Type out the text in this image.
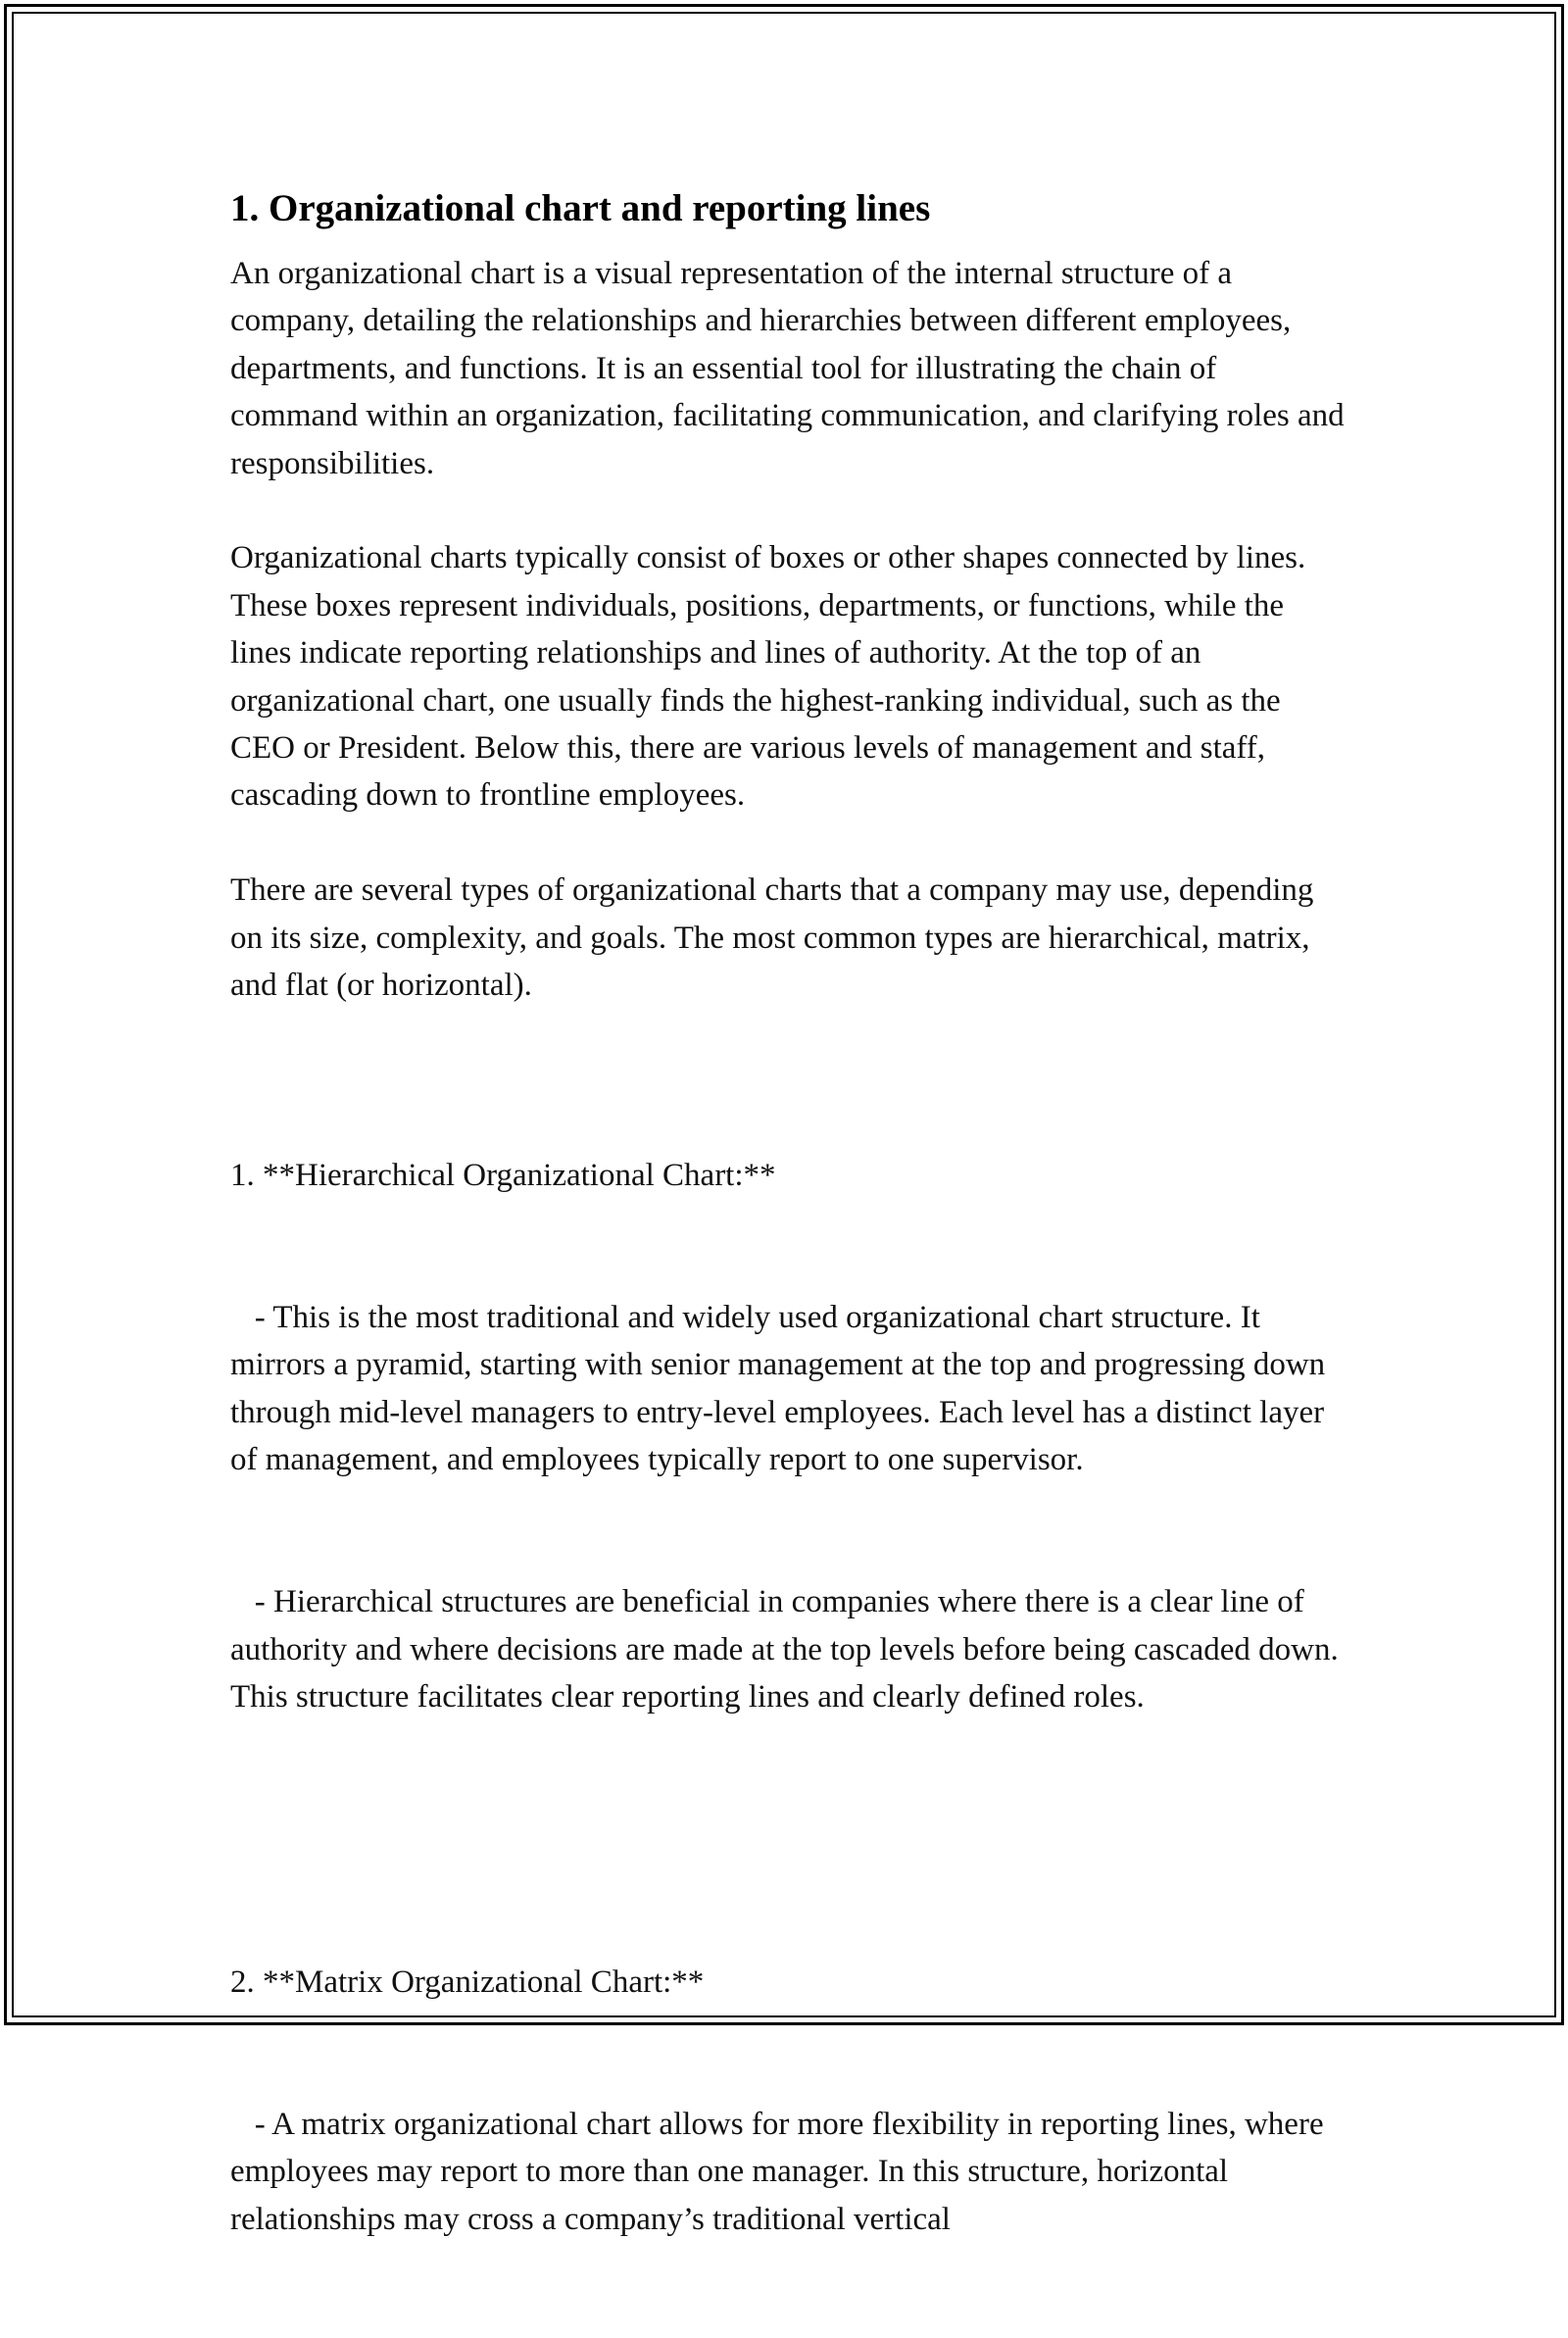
1. Organizational chart and reporting lines

An organizational chart is a visual representation of the internal structure of a company, detailing the relationships and hierarchies between different employees, departments, and functions. It is an essential tool for illustrating the chain of command within an organization, facilitating communication, and clarifying roles and responsibilities.

Organizational charts typically consist of boxes or other shapes connected by lines. These boxes represent individuals, positions, departments, or functions, while the lines indicate reporting relationships and lines of authority. At the top of an organizational chart, one usually finds the highest-ranking individual, such as the CEO or President. Below this, there are various levels of management and staff, cascading down to frontline employees.

There are several types of organizational charts that a company may use, depending on its size, complexity, and goals. The most common types are hierarchical, matrix, and flat (or horizontal).

1. **Hierarchical Organizational Chart:**

- This is the most traditional and widely used organizational chart structure. It mirrors a pyramid, starting with senior management at the top and progressing down through mid-level managers to entry-level employees. Each level has a distinct layer of management, and employees typically report to one supervisor.

- Hierarchical structures are beneficial in companies where there is a clear line of authority and where decisions are made at the top levels before being cascaded down. This structure facilitates clear reporting lines and clearly defined roles.

2. **Matrix Organizational Chart:**

- A matrix organizational chart allows for more flexibility in reporting lines, where employees may report to more than one manager. In this structure, horizontal relationships may cross a company’s traditional vertical
